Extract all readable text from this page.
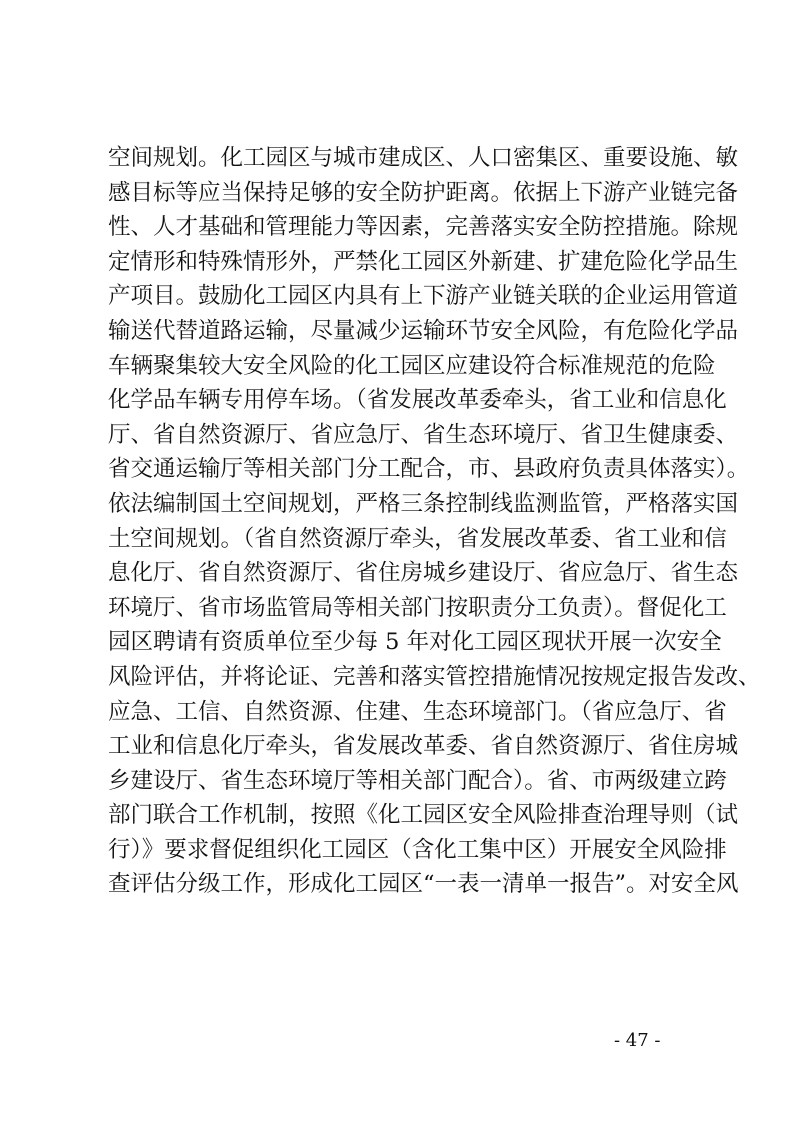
空间规划。化工园区与城市建成区、人口密集区、重要设施、敏
感目标等应当保持足够的安全防护距离。依据上下游产业链完备
性、人才基础和管理能力等因素，完善落实安全防控措施。除规
定情形和特殊情形外，严禁化工园区外新建、扩建危险化学品生
产项目。鼓励化工园区内具有上下游产业链关联的企业运用管道
输送代替道路运输，尽量减少运输环节安全风险，有危险化学品
车辆聚集较大安全风险的化工园区应建设符合标准规范的危险
化学品车辆专用停车场。（省发展改革委牵头，省工业和信息化
厅、省自然资源厅、省应急厅、省生态环境厅、省卫生健康委、
省交通运输厅等相关部门分工配合，市、县政府负责具体落实）。
依法编制国土空间规划，严格三条控制线监测监管，严格落实国
土空间规划。（省自然资源厅牵头，省发展改革委、省工业和信
息化厅、省自然资源厅、省住房城乡建设厅、省应急厅、省生态
环境厅、省市场监管局等相关部门按职责分工负责）。督促化工
园区聘请有资质单位至少每 5 年对化工园区现状开展一次安全
风险评估，并将论证、完善和落实管控措施情况按规定报告发改、
应急、工信、自然资源、住建、生态环境部门。（省应急厅、省
工业和信息化厅牵头，省发展改革委、省自然资源厅、省住房城
乡建设厅、省生态环境厅等相关部门配合）。省、市两级建立跨
部门联合工作机制，按照《化工园区安全风险排查治理导则（试
行）》要求督促组织化工园区（含化工集中区）开展安全风险排
查评估分级工作，形成化工园区“一表一清单一报告”。对安全风
- 47 -
